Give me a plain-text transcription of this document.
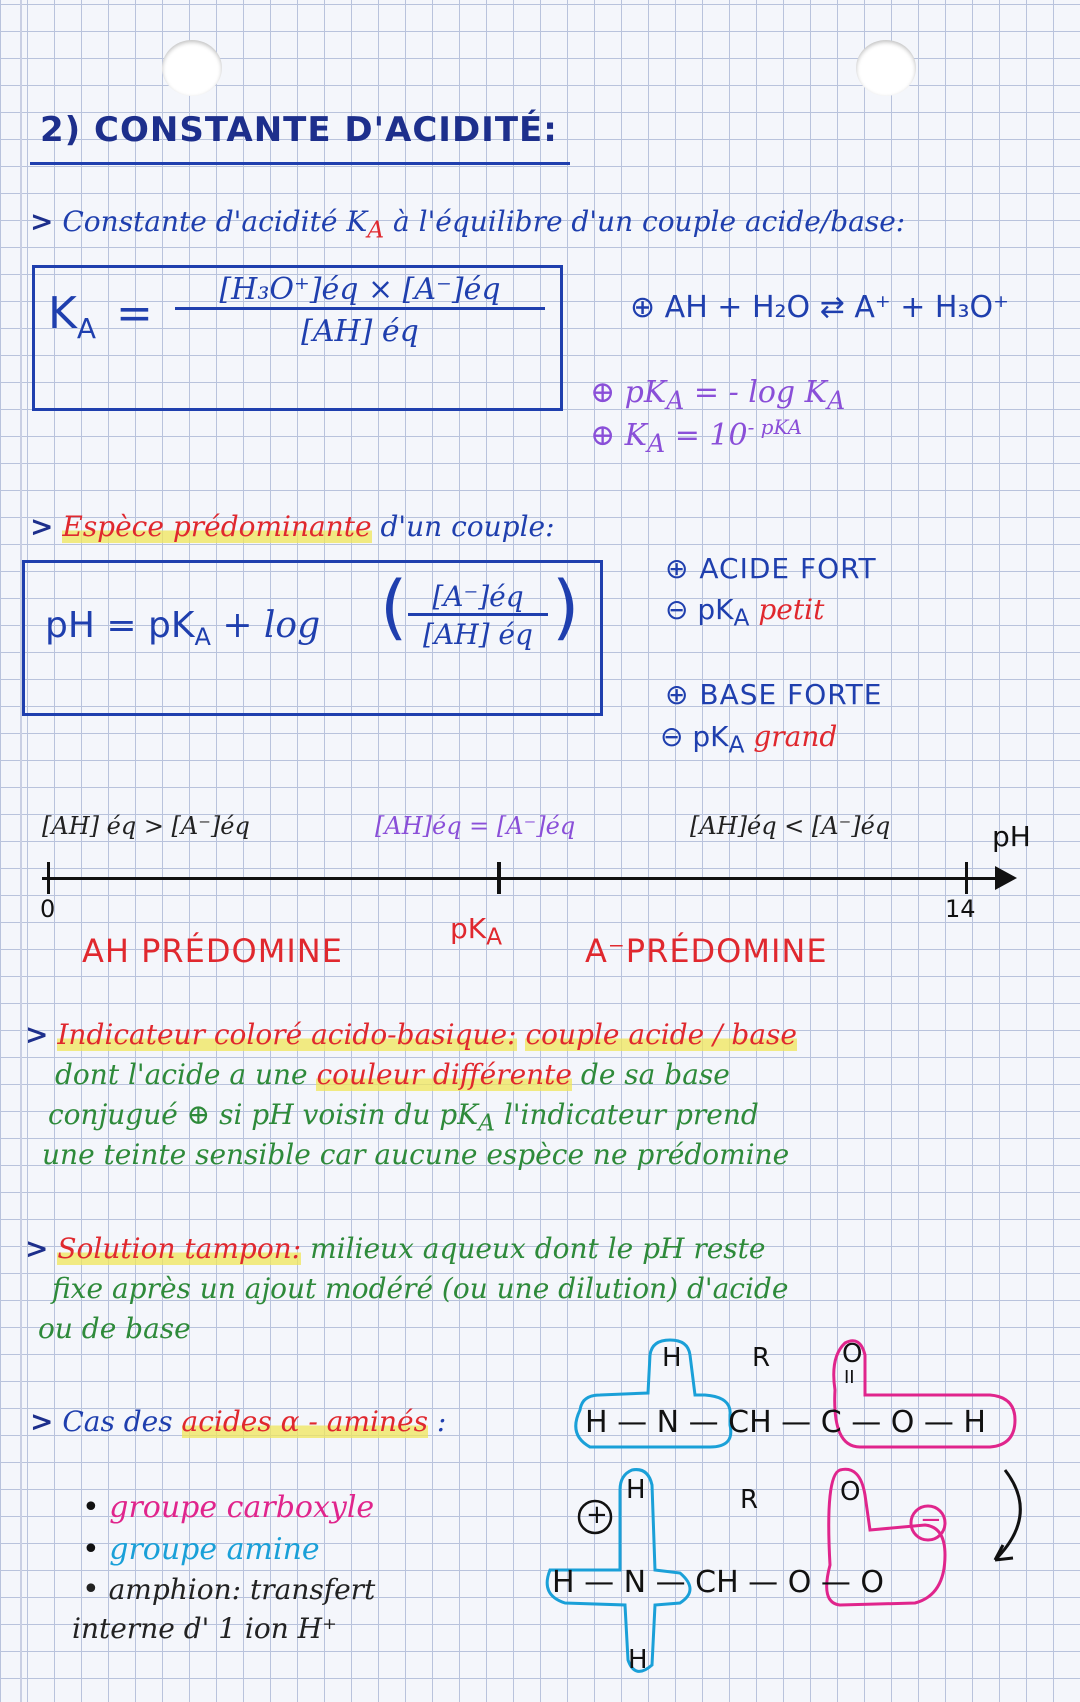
2) CONSTANTE D'ACIDITÉ:
> Constante d'acidité $K_A$ à l'équilibre d'un couple acide/base:
$K_A$ =	[H₃O⁺]éq × [A⁻]éq
[AH] éq
⊕ AH + H₂O ⇄ A⁺ + H₃O⁺
⊕ $pK_A$ = - $\log K_A$
⊕ $K_A = 10^{- pKA}$
> Espèce prédominante d'un couple:
pH = $pK_A + \log$ ( [A⁻]éq
[AH] éq )	⊕ ACIDE FORT
⊖ $pK_A$ petit
⊕ BASE FORTE
⊖ $pK_A$ grand
[AH] éq > [A⁻]éq	[AH]éq = [A⁻]éq	[AH]éq < [A⁻]éq	pH
0	14
$pK_A$
AH PRÉDOMINE	A⁻PRÉDOMINE
> Indicateur coloré acido-basique: couple acide / base
dont l'acide a une couleur différente de sa base
conjugué ⊕ si pH voisin du $pK_A$ l'indicateur prend
une teinte sensible car aucune espèce ne prédomine
> Solution tampon: milieux aqueux dont le pH reste
fixe après un ajout modéré (ou une dilution) d'acide
ou de base
> Cas des acides α - aminés :
H	R	O
II
H — N — CH — C — O — H
+	−
H	R	O
H — N — CH — O — O
H
• groupe carboxyle
• groupe amine
• amphion: transfert
interne d' 1 ion H⁺
